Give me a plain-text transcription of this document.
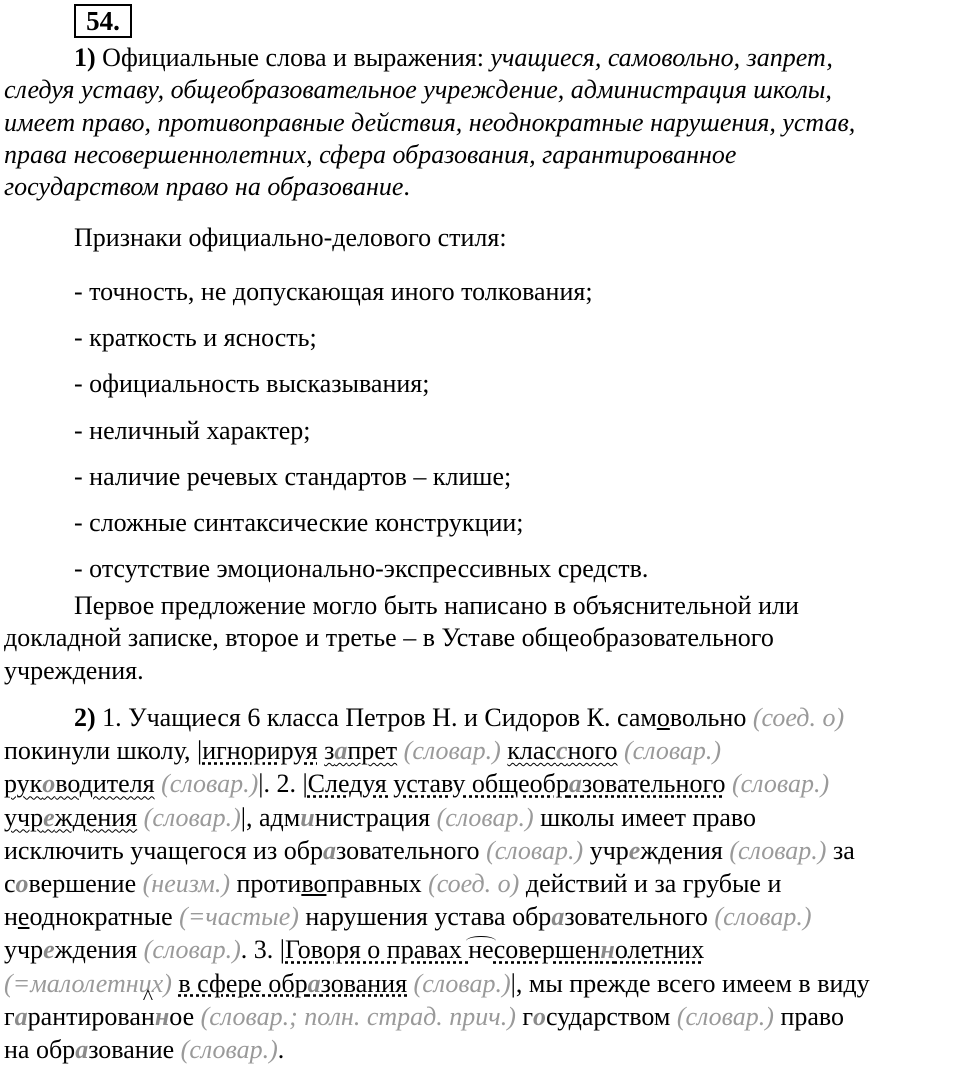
54.
1) Официальные слова и выражения: учащиеся, самовольно, запрет,
следуя уставу, общеобразовательное учреждение, администрация школы,
имеет право, противоправные действия, неоднократные нарушения, устав,
права несовершеннолетних, сфера образования, гарантированное
государством право на образование.
Признаки официально-делового стиля:
- точность, не допускающая иного толкования;
- краткость и ясность;
- официальность высказывания;
- неличный характер;
- наличие речевых стандартов – клише;
- сложные синтаксические конструкции;
- отсутствие эмоционально-экспрессивных средств.
Первое предложение могло быть написано в объяснительной или
докладной записке, второе и третье – в Уставе общеобразовательного
учреждения.
2) 1. Учащиеся 6 класса Петров Н. и Сидоров К. самовольно (соед. о)
покинули школу, |игнорируя запрет (словар.) классного (словар.)
руководителя (словар.)|. 2. |Следуя уставу общеобразовательного (словар.)
учреждения (словар.)|, администрация (словар.) школы имеет право
исключить учащегося из образовательного (словар.) учреждения (словар.) за
совершение (неизм.) противоправных (соед. о) действий и за грубые и
неоднократные (=частые) нарушения устава образовательного (словар.)
учреждения (словар.). 3. |Говоря о правах несовершеннолетних
(=малолетних) в сфере образования (словар.)|, мы прежде всего имеем в виду
гарантирова^ нное (словар.; полн. страд. прич.) государством (словар.) право
на образование (словар.).
